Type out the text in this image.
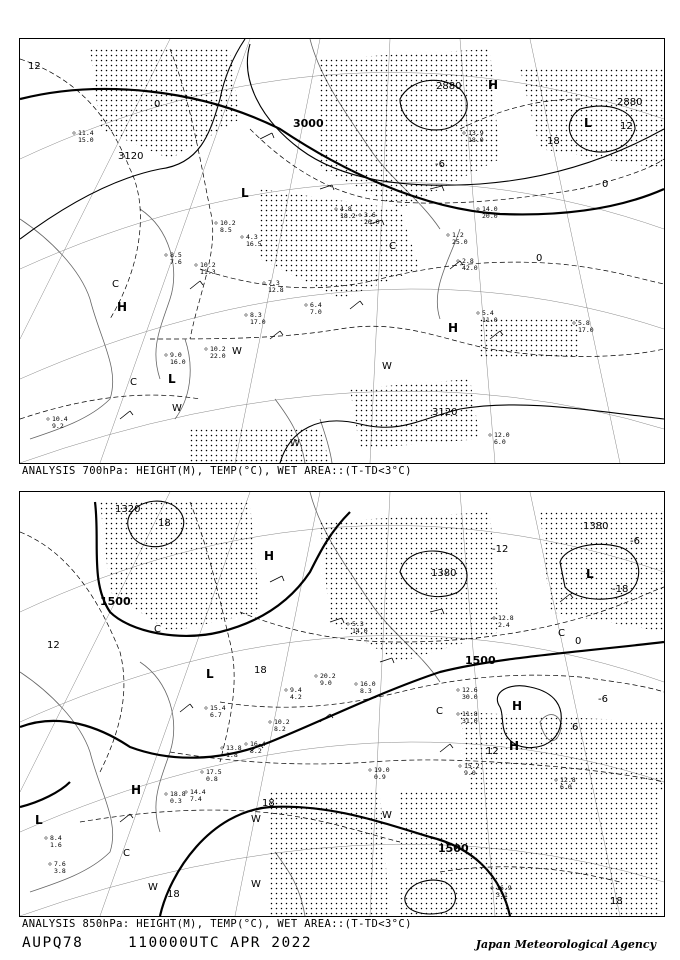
3000
2880
3120
3120
2880
12
0
18
12
0
-6
0
L
H
L
H
L
H
W
W
W
C
C
C
W
14.0
20.0
1.2
25.0
2.8
42.0
5.4
11.0	5.8
17.0
12.0
6.0
10.2
22.0
9.0
16.0
8.3
17.0
6.4
7.0
4.8
18.2 3.6
20.0
10.2
11.3
10.4
9.2
11.4
15.0
8.5
7.6
7.3
12.8
4.3
16.5
10.2
8.5
13.9
18.0
ANALYSIS 700hPa: HEIGHT(M), TEMP(°C), WET AREA::(T-TD<3°C)
1500
1500
1500
1380
1320
1380
18
18
12
0
-6
6
12
18
18
18
-12
-18
-6
H
L
H
H
L
H
L	W
W	W
W
C
C
C
C
12.6
30.0
11.8
31.0
15.2
9.0
12.8
6.0
19.0
0.9
16.9
3.1
18.8
0.3
14.4
7.4
15.4
6.7
13.8
1.8
17.5
0.8
16.4
5.2
10.2
8.2
9.4
4.2
20.2
9.0	16.0
8.3
8.4
1.6
7.6
3.8
5.3
14.0
12.8
2.4
ANALYSIS 850hPa: HEIGHT(M), TEMP(°C), WET AREA::(T-TD<3°C)
AUPQ78	110000UTC APR 2022	Japan Meteorological Agency
